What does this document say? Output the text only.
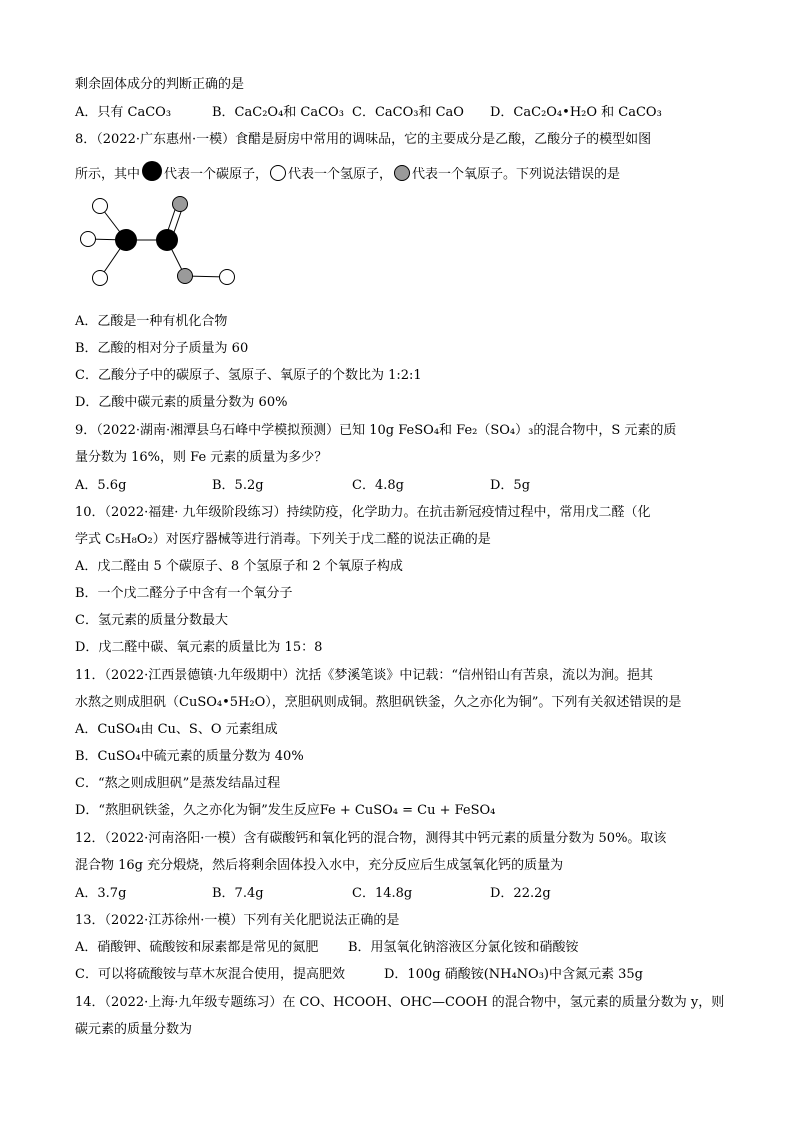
剩余固体成分的判断正确的是
A．只有 CaCO₃	B．CaC₂O₄和 CaCO₃ C．CaCO₃和 CaO D．CaC₂O₄•H₂O 和 CaCO₃
8．（2022·广东惠州·一模）食醋是厨房中常用的调味品，它的主要成分是乙酸，乙酸分子的模型如图
所示，其中 代表一个碳原子， 代表一个氢原子， 代表一个氧原子。下列说法错误的是
A．乙酸是一种有机化合物
B．乙酸的相对分子质量为 60
C．乙酸分子中的碳原子、氢原子、氧原子的个数比为 1:2:1
D．乙酸中碳元素的质量分数为 60%
9．（2022·湖南·湘潭县乌石峰中学模拟预测）已知 10g FeSO₄和 Fe₂（SO₄）₃的混合物中，S 元素的质
量分数为 16%，则 Fe 元素的质量为多少？
A．5.6g	B．5.2g	C．4.8g	D．5g
10．（2022·福建· 九年级阶段练习）持续防疫，化学助力。在抗击新冠疫情过程中，常用戊二醛（化
学式 C₅H₈O₂）对医疗器械等进行消毒。下列关于戊二醛的说法正确的是
A．戊二醛由 5 个碳原子、8 个氢原子和 2 个氧原子构成
B．一个戊二醛分子中含有一个氧分子
C．氢元素的质量分数最大
D．戊二醛中碳、氧元素的质量比为 15：8
11．（2022·江西景德镇·九年级期中）沈括《梦溪笔谈》中记载：“信州铅山有苦泉，流以为涧。挹其
水熬之则成胆矾（CuSO₄•5H₂O），烹胆矾则成铜。熬胆矾铁釜，久之亦化为铜”。下列有关叙述错误的是
A．CuSO₄由 Cu、S、O 元素组成
B．CuSO₄中硫元素的质量分数为 40%
C．“熬之则成胆矾”是蒸发结晶过程
D．“熬胆矾铁釜，久之亦化为铜”发生反应Fe + CuSO₄ = Cu + FeSO₄
12．（2022·河南洛阳·一模）含有碳酸钙和氧化钙的混合物，测得其中钙元素的质量分数为 50%。取该
混合物 16g 充分煅烧，然后将剩余固体投入水中，充分反应后生成氢氧化钙的质量为
A．3.7g	B．7.4g	C．14.8g	D．22.2g
13．（2022·江苏徐州·一模）下列有关化肥说法正确的是
A．硝酸钾、硫酸铵和尿素都是常见的氮肥 B．用氢氧化钠溶液区分氯化铵和硝酸铵
C．可以将硫酸铵与草木灰混合使用，提高肥效	D．100g 硝酸铵(NH₄NO₃)中含氮元素 35g
14．（2022·上海·九年级专题练习）在 CO、HCOOH、OHC—COOH 的混合物中，氢元素的质量分数为 y，则
碳元素的质量分数为
